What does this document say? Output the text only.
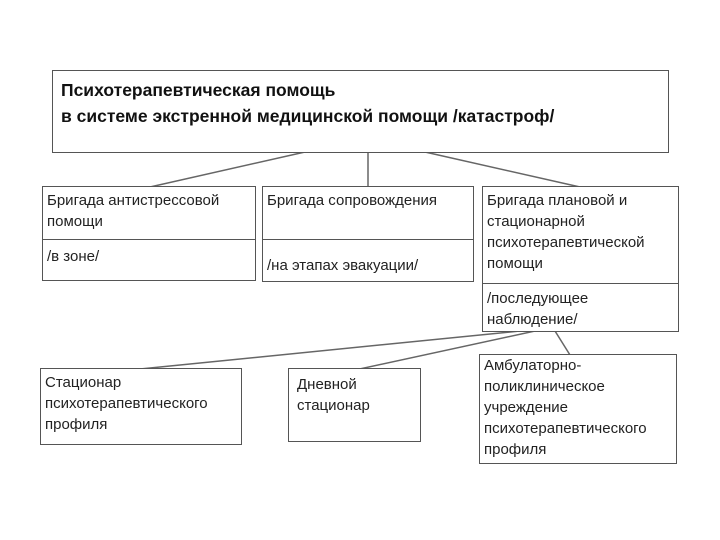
Психотерапевтическая помощь
в системе экстренной медицинской помощи /катастроф/
Бригада антистрессовой
помощи
/в зоне/
Бригада сопровождения
/на этапах эвакуации/
Бригада плановой и
стационарной
психотерапевтической
помощи
/последующее
наблюдение/
Стационар
психотерапевтического
профиля
Дневной
стационар
Амбулаторно-
поликлиническое
учреждение
психотерапевтического
профиля
